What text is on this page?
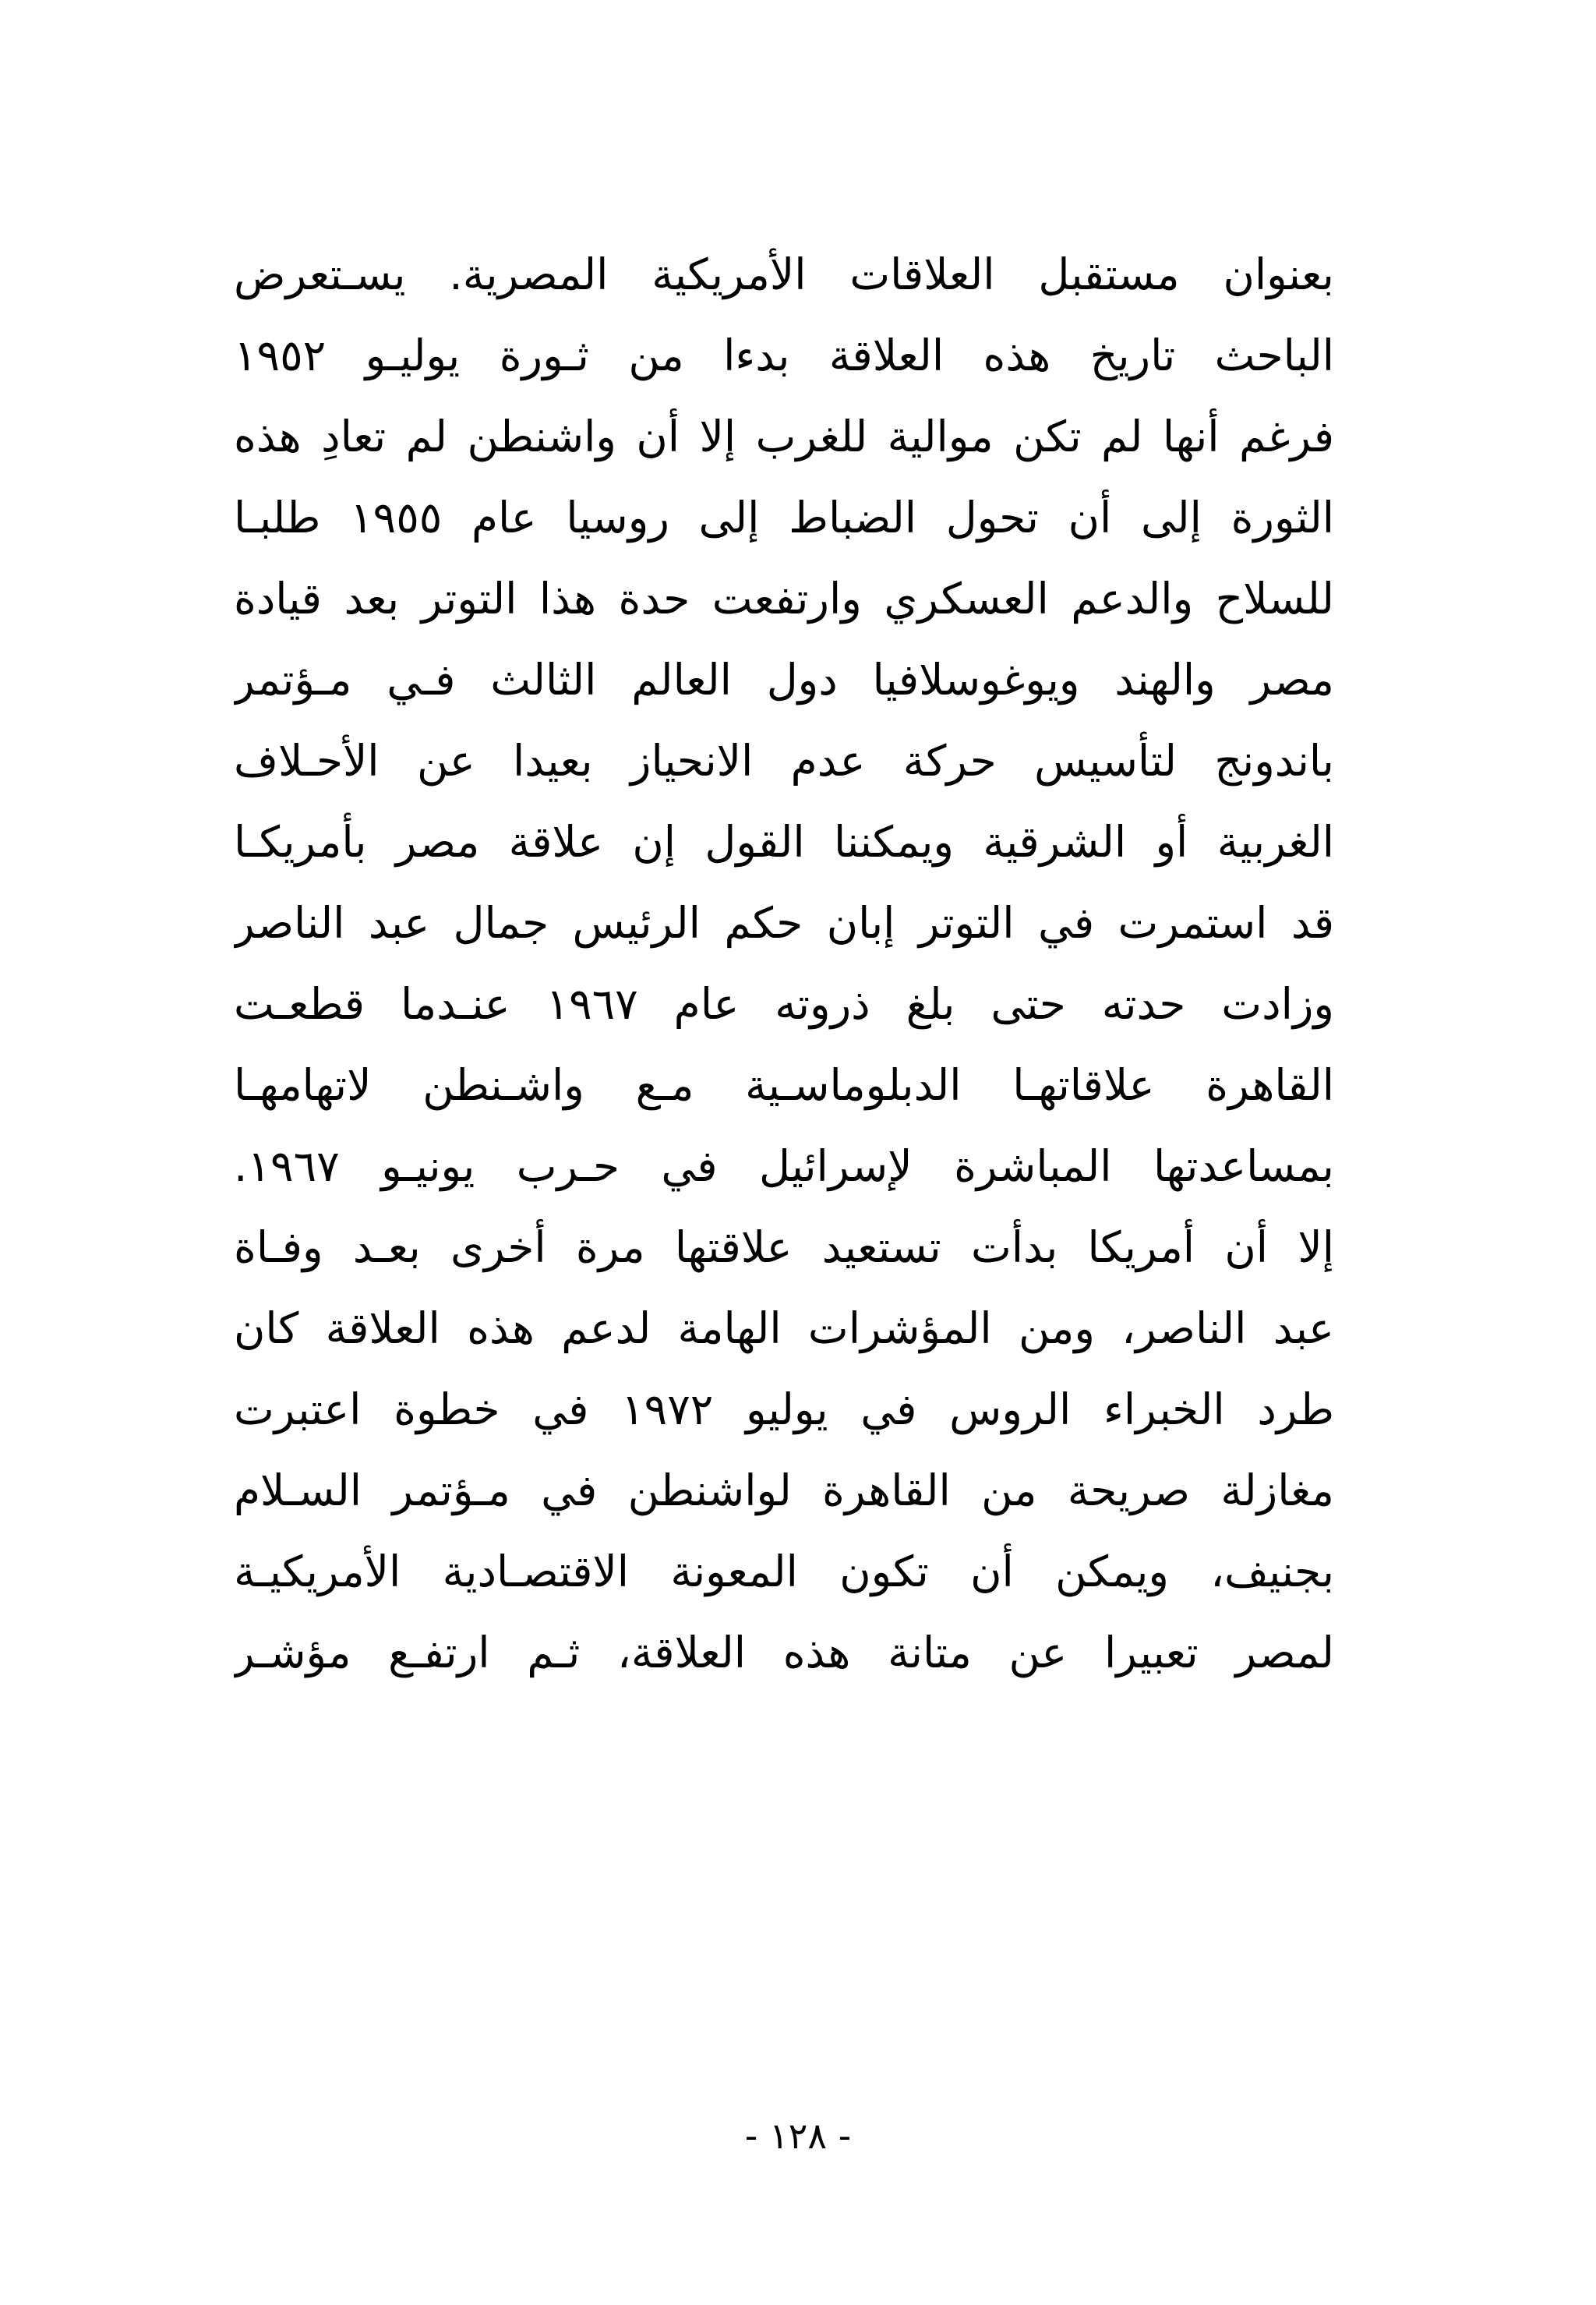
بعنوان مستقبل العلاقات الأمريكية المصرية. يسـتعرض
الباحث تاريخ هذه العلاقة بدءا من ثـورة يوليـو ١٩٥٢
فرغم أنها لم تكن موالية للغرب إلا أن واشنطن لم تعادِ هذه
الثورة إلى أن تحول الضباط إلى روسيا عام ١٩٥٥ طلبـا
للسلاح والدعم العسكري وارتفعت حدة هذا التوتر بعد قيادة
مصر والهند ويوغوسلافيا دول العالم الثالث فـي مـؤتمر
باندونج لتأسيس حركة عدم الانحياز بعيدا عن الأحـلاف
الغربية أو الشرقية ويمكننا القول إن علاقة مصر بأمريكـا
قد استمرت في التوتر إبان حكم الرئيس جمال عبد الناصر
وزادت حدته حتى بلغ ذروته عام ١٩٦٧ عنـدما قطعـت
القاهرة علاقاتهـا الدبلوماسـية مـع واشـنطن لاتهامهـا
بمساعدتها المباشرة لإسرائيل في حـرب يونيـو ١٩٦٧.
إلا أن أمريكا بدأت تستعيد علاقتها مرة أخرى بعـد وفـاة
عبد الناصر، ومن المؤشرات الهامة لدعم هذه العلاقة كان
طرد الخبراء الروس في يوليو ١٩٧٢ في خطوة اعتبرت
مغازلة صريحة من القاهرة لواشنطن في مـؤتمر السـلام
بجنيف، ويمكن أن تكون المعونة الاقتصـادية الأمريكيـة
لمصر تعبيرا عن متانة هذه العلاقة، ثـم ارتفـع مؤشـر
- ١٢٨ -
